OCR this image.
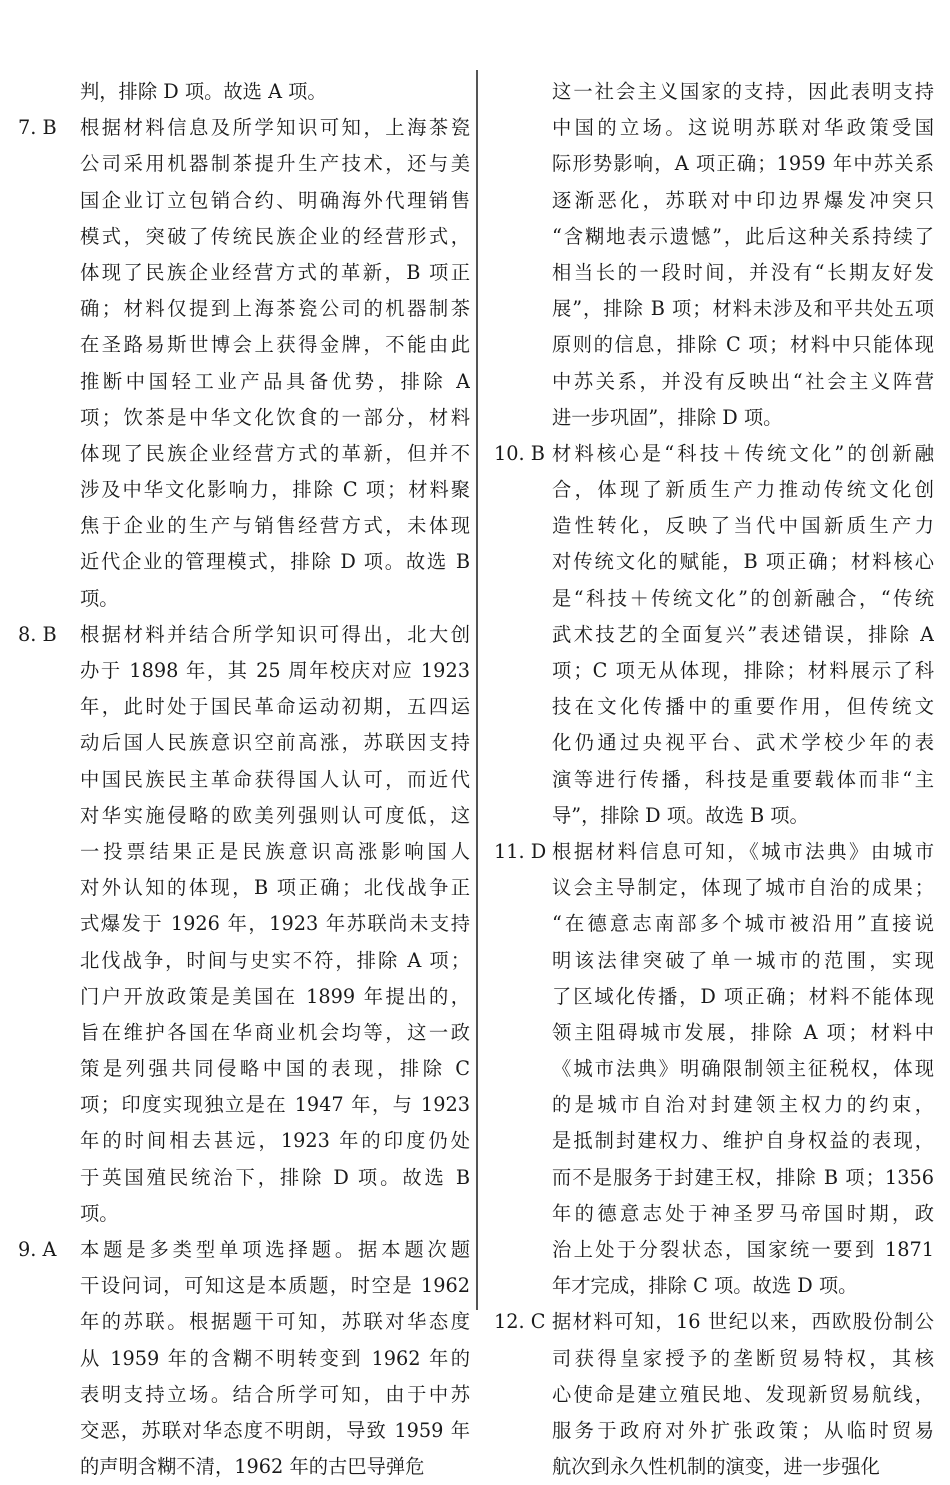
判，排除 D 项。故选 A 项。
7. B	根据材料信息及所学知识可知，上海茶瓷
公司采用机器制茶提升生产技术，还与美
国企业订立包销合约、明确海外代理销售
模式，突破了传统民族企业的经营形式，
体现了民族企业经营方式的革新，B 项正
确；材料仅提到上海茶瓷公司的机器制茶
在圣路易斯世博会上获得金牌，不能由此
推断中国轻工业产品具备优势，排除 A
项；饮茶是中华文化饮食的一部分，材料
体现了民族企业经营方式的革新，但并不
涉及中华文化影响力，排除 C 项；材料聚
焦于企业的生产与销售经营方式，未体现
近代企业的管理模式，排除 D 项。故选 B
项。
8. B	根据材料并结合所学知识可得出，北大创
办于 1898 年，其 25 周年校庆对应 1923
年，此时处于国民革命运动初期，五四运
动后国人民族意识空前高涨，苏联因支持
中国民族民主革命获得国人认可，而近代
对华实施侵略的欧美列强则认可度低，这
一投票结果正是民族意识高涨影响国人
对外认知的体现，B 项正确；北伐战争正
式爆发于 1926 年，1923 年苏联尚未支持
北伐战争，时间与史实不符，排除 A 项；
门户开放政策是美国在 1899 年提出的，
旨在维护各国在华商业机会均等，这一政
策是列强共同侵略中国的表现，排除 C
项；印度实现独立是在 1947 年，与 1923
年的时间相去甚远，1923 年的印度仍处
于英国殖民统治下，排除 D 项。故选 B
项。
9. A	本题是多类型单项选择题。据本题次题
干设问词，可知这是本质题，时空是 1962
年的苏联。根据题干可知，苏联对华态度
从 1959 年的含糊不明转变到 1962 年的
表明支持立场。结合所学可知，由于中苏
交恶，苏联对华态度不明朗，导致 1959 年
的声明含糊不清，1962 年的古巴导弹危
这一社会主义国家的支持，因此表明支持
中国的立场。这说明苏联对华政策受国
际形势影响，A 项正确；1959 年中苏关系
逐渐恶化，苏联对中印边界爆发冲突只
“含糊地表示遗憾”，此后这种关系持续了
相当长的一段时间，并没有“长期友好发
展”，排除 B 项；材料未涉及和平共处五项
原则的信息，排除 C 项；材料中只能体现
中苏关系，并没有反映出“社会主义阵营
进一步巩固”，排除 D 项。
10. B 材料核心是“科技＋传统文化”的创新融
合，体现了新质生产力推动传统文化创
造性转化，反映了当代中国新质生产力
对传统文化的赋能，B 项正确；材料核心
是“科技＋传统文化”的创新融合，“传统
武术技艺的全面复兴”表述错误，排除 A
项；C 项无从体现，排除；材料展示了科
技在文化传播中的重要作用，但传统文
化仍通过央视平台、武术学校少年的表
演等进行传播，科技是重要载体而非“主
导”，排除 D 项。故选 B 项。
11. D 根据材料信息可知，《城市法典》由城市
议会主导制定，体现了城市自治的成果；
“在德意志南部多个城市被沿用”直接说
明该法律突破了单一城市的范围，实现
了区域化传播，D 项正确；材料不能体现
领主阻碍城市发展，排除 A 项；材料中
《城市法典》明确限制领主征税权，体现
的是城市自治对封建领主权力的约束，
是抵制封建权力、维护自身权益的表现，
而不是服务于封建王权，排除 B 项；1356
年的德意志处于神圣罗马帝国时期，政
治上处于分裂状态，国家统一要到 1871
年才完成，排除 C 项。故选 D 项。
12. C 据材料可知，16 世纪以来，西欧股份制公
司获得皇家授予的垄断贸易特权，其核
心使命是建立殖民地、发现新贸易航线，
服务于政府对外扩张政策；从临时贸易
航次到永久性机制的演变，进一步强化
